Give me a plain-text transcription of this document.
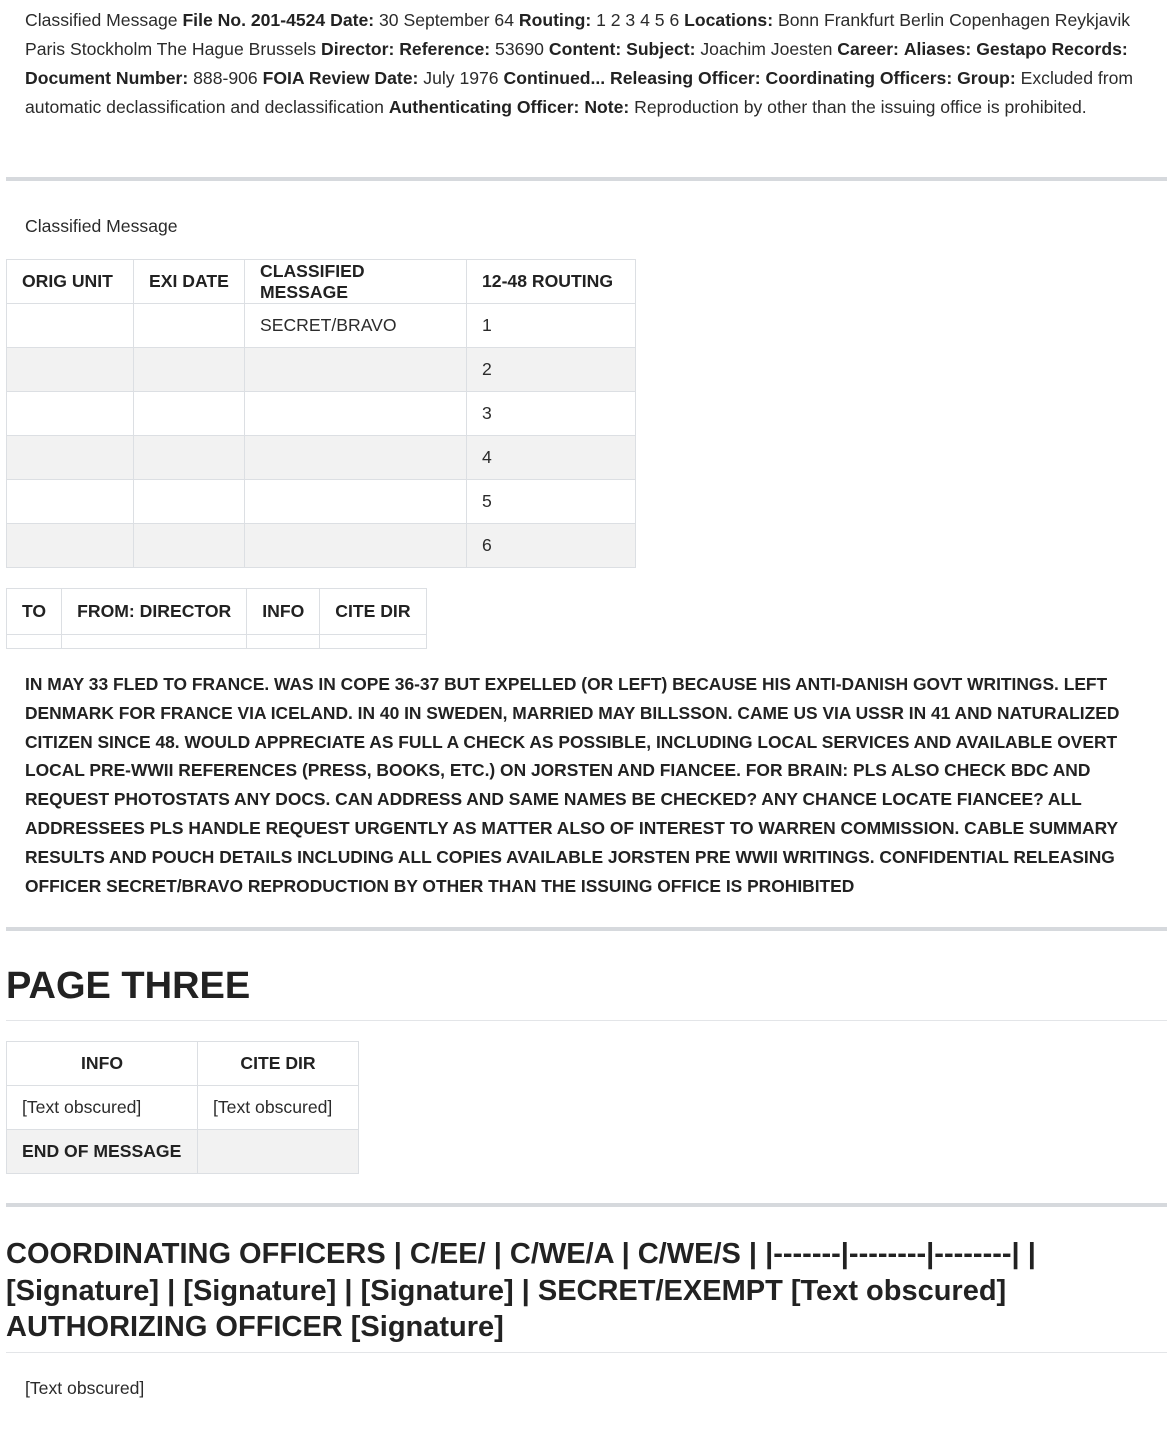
Classified Message File No. 201-4524 Date: 30 September 64 Routing: 1 2 3 4 5 6 Locations: Bonn Frankfurt Berlin Copenhagen Reykjavik Paris Stockholm The Hague Brussels Director: Reference: 53690 Content: Subject: Joachim Joesten Career: Aliases: Gestapo Records: Document Number: 888-906 FOIA Review Date: July 1976 Continued... Releasing Officer: Coordinating Officers: Group: Excluded from automatic declassification and declassification Authenticating Officer: Note: Reproduction by other than the issuing office is prohibited.

Classified Message
ORIG UNIT	EXI DATE	CLASSIFIED MESSAGE	12-48 ROUTING
		SECRET/BRAVO	1
			2
			3
			4
			5
			6
TO	FROM: DIRECTOR	INFO	CITE DIR

IN MAY 33 FLED TO FRANCE. WAS IN COPE 36-37 BUT EXPELLED (OR LEFT) BECAUSE HIS ANTI-DANISH GOVT WRITINGS. LEFT DENMARK FOR FRANCE VIA ICELAND. IN 40 IN SWEDEN, MARRIED MAY BILLSSON. CAME US VIA USSR IN 41 AND NATURALIZED CITIZEN SINCE 48. WOULD APPRECIATE AS FULL A CHECK AS POSSIBLE, INCLUDING LOCAL SERVICES AND AVAILABLE OVERT LOCAL PRE-WWII REFERENCES (PRESS, BOOKS, ETC.) ON JORSTEN AND FIANCEE. FOR BRAIN: PLS ALSO CHECK BDC AND REQUEST PHOTOSTATS ANY DOCS. CAN ADDRESS AND SAME NAMES BE CHECKED? ANY CHANCE LOCATE FIANCEE? ALL ADDRESSEES PLS HANDLE REQUEST URGENTLY AS MATTER ALSO OF INTEREST TO WARREN COMMISSION. CABLE SUMMARY RESULTS AND POUCH DETAILS INCLUDING ALL COPIES AVAILABLE JORSTEN PRE WWII WRITINGS. CONFIDENTIAL RELEASING OFFICER SECRET/BRAVO REPRODUCTION BY OTHER THAN THE ISSUING OFFICE IS PROHIBITED
PAGE THREE
INFO	CITE DIR
[Text obscured]	[Text obscured]
END OF MESSAGE	
COORDINATING OFFICERS | C/EE/ | C/WE/A | C/WE/S | |-------|--------|--------| | [Signature] | [Signature] | [Signature] | SECRET/EXEMPT [Text obscured] AUTHORIZING OFFICER [Signature]
[Text obscured]
